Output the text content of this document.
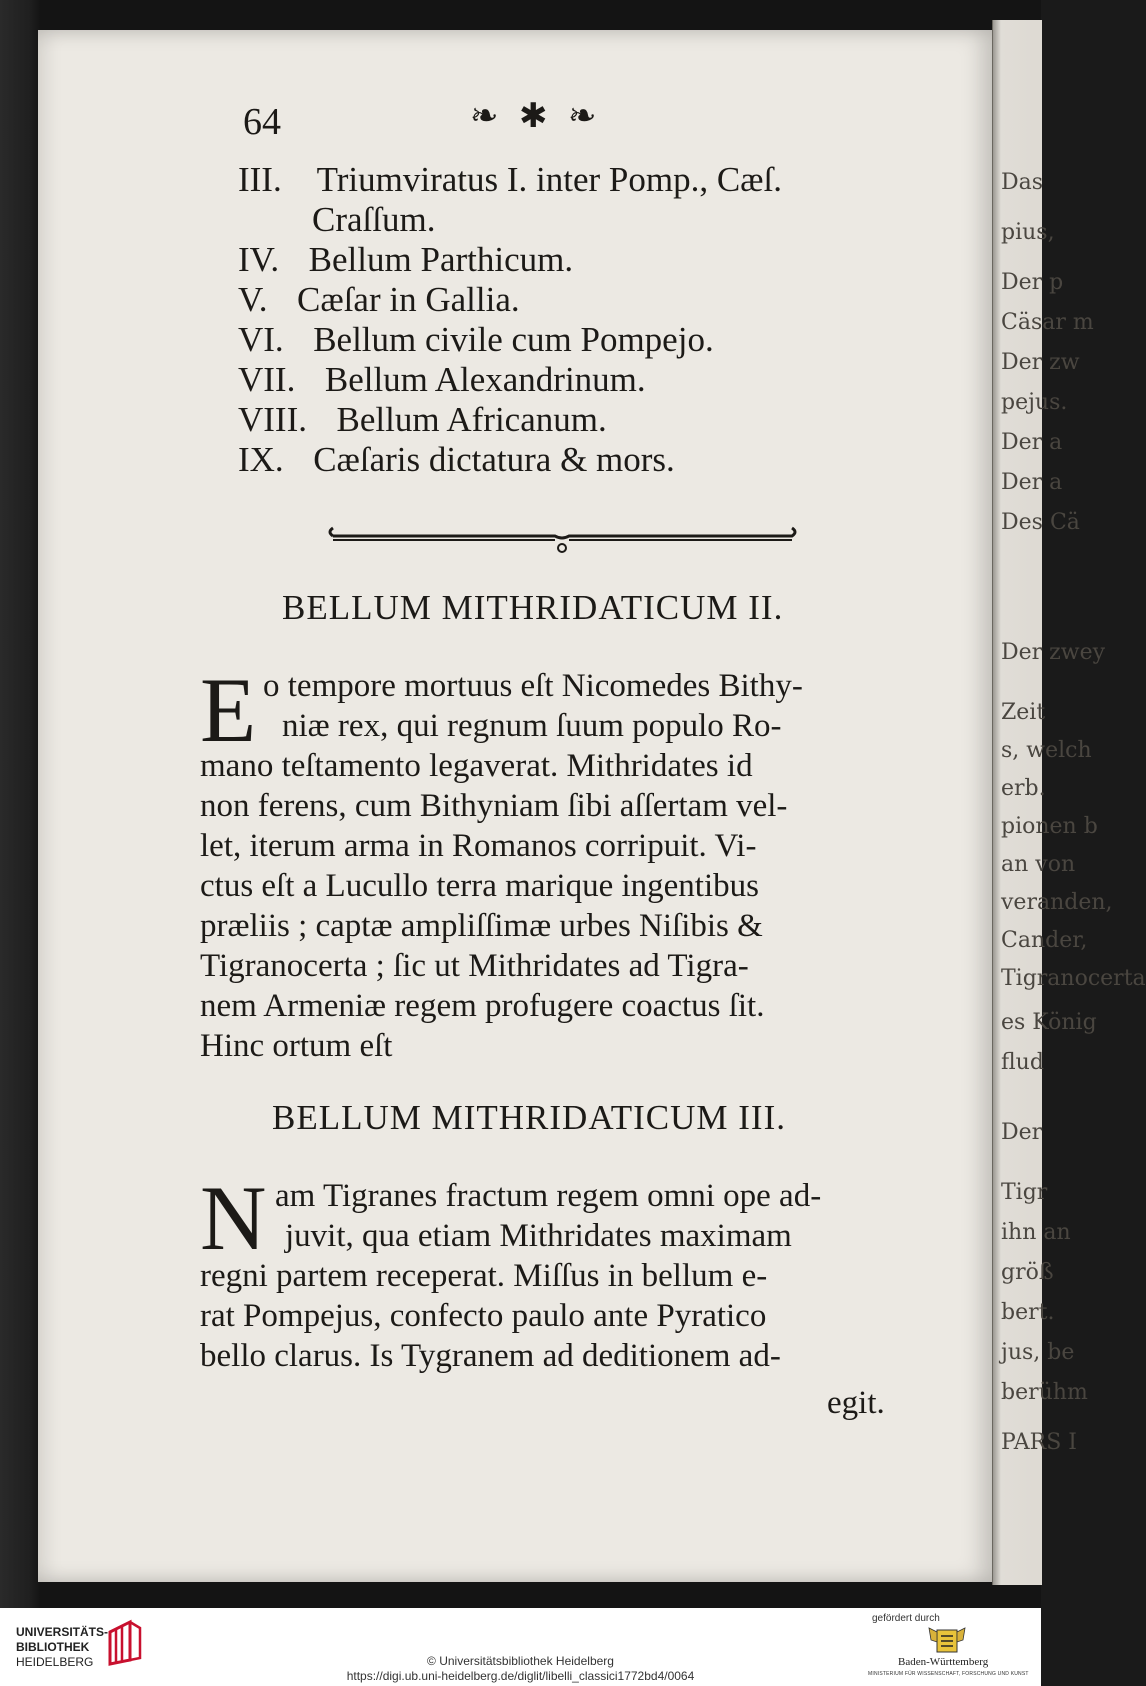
Das
pius,
Der p
Cäsar m
Der zw
pejus.
Der a
Der a
Des Cä
Der zwey
Zeit
s, welch
erb.
pionen b
an von
veranden,
Cander,
Tigranocerta
es König
flud
Der
Tigr
ihn an
größ
bert.
jus, be
berühm
PARS I
64	❧ ✱ ❧
III. Triumviratus I. inter Pomp., Cæſ.
Craſſum.
IV. Bellum Parthicum.
V. Cæſar in Gallia.
VI. Bellum civile cum Pompejo.
VII. Bellum Alexandrinum.
VIII. Bellum Africanum.
IX. Cæſaris dictatura & mors.
BELLUM MITHRIDATICUM II.
E o tempore mortuus eſt Nicomedes Bithy-
niæ rex, qui regnum ſuum populo Ro-
mano teſtamento legaverat. Mithridates id
non ferens, cum Bithyniam ſibi aſſertam vel-
let, iterum arma in Romanos corripuit. Vi-
ctus eſt a Lucullo terra marique ingentibus
præliis ; captæ ampliſſimæ urbes Niſibis &
Tigranocerta ; ſic ut Mithridates ad Tigra-
nem Armeniæ regem profugere coactus ſit.
Hinc ortum eſt
BELLUM MITHRIDATICUM III.
N am Tigranes fractum regem omni ope ad-
juvit, qua etiam Mithridates maximam
regni partem receperat. Miſſus in bellum e-
rat Pompejus, confecto paulo ante Pyratico
bello clarus. Is Tygranem ad deditionem ad-
egit.
UNIVERSITÄTS-
BIBLIOTHEK
HEIDELBERG	© Universitätsbibliothek Heidelberg
https://digi.ub.uni-heidelberg.de/diglit/libelli_classici1772bd4/0064
gefördert durch
Baden-Württemberg
MINISTERIUM FÜR WISSENSCHAFT, FORSCHUNG UND KUNST
